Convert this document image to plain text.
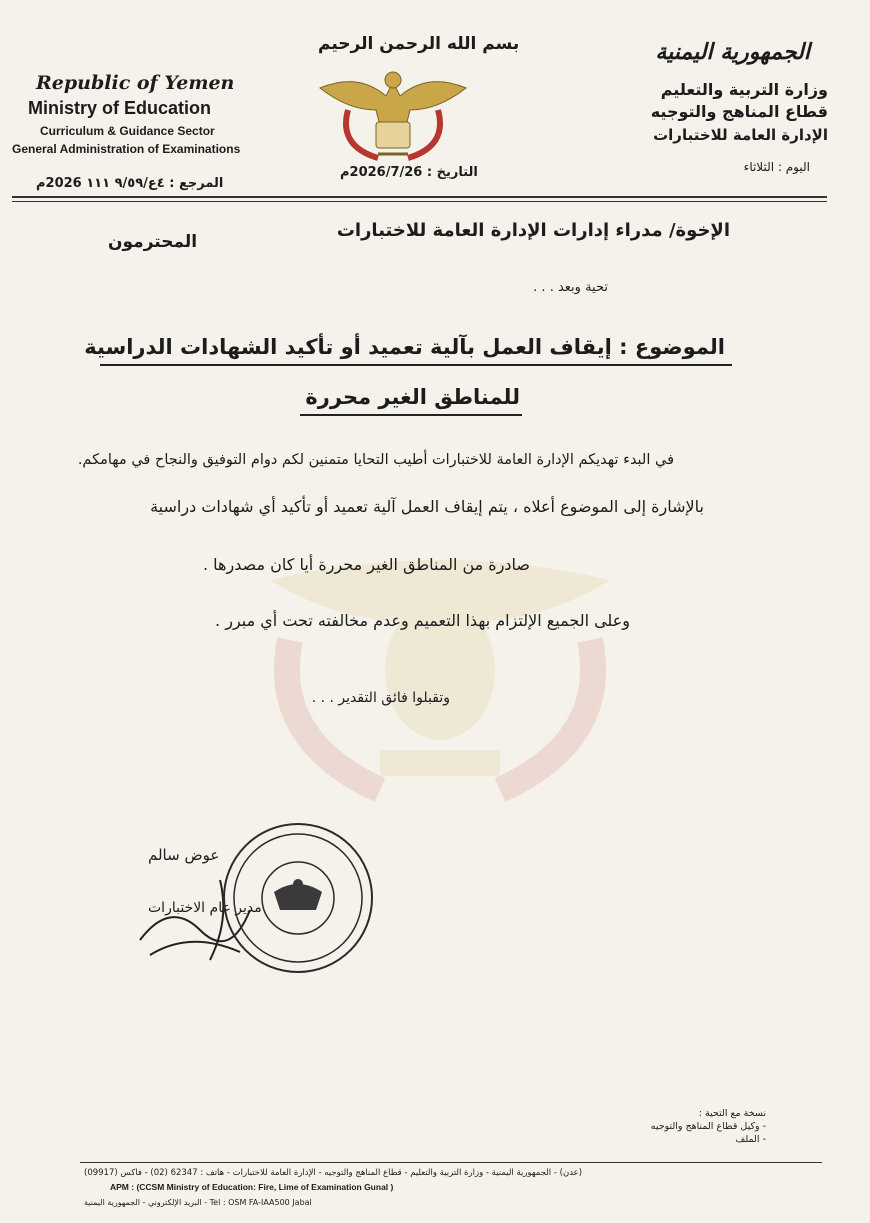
Republic of Yemen
Ministry of Education
Curriculum & Guidance Sector
General Administration of Examinations
المرجع : ٤ع/٩/٥٩ ١١١ 2026م
بسم الله الرحمن الرحيم
التاريخ : 2026/7/26م
الجمهورية اليمنية
وزارة التربية والتعليم
قطاع المناهج والتوجيه
الإدارة العامة للاختبارات
اليوم : الثلاثاء
الإخوة/ مدراء إدارات الإدارة العامة للاختبارات
المحترمون
تحية وبعد . . .
الموضوع : إيقاف العمل بآلية تعميد أو تأكيد الشهادات الدراسية
للمناطق الغير محررة
في البدء تهديكم الإدارة العامة للاختبارات أطيب التحايا متمنين لكم دوام التوفيق والنجاح في مهامكم.
بالإشارة إلى الموضوع أعلاه ، يتم إيقاف العمل آلية تعميد أو تأكيد أي شهادات دراسية
صادرة من المناطق الغير محررة أيا كان مصدرها .
وعلى الجميع الإلتزام بهذا التعميم وعدم مخالفته تحت أي مبرر .
وتقبلوا فائق التقدير . . .
عوض سالم
مدير عام الاختبارات
نسخة مع التحية :
- وكيل قطاع المناهج والتوجيه
- الملف
(عدن) - الجمهورية اليمنية - وزارة التربية والتعليم - قطاع المناهج والتوجيه - الإدارة العامة للاختبارات - هاتف : 62347 (02) - فاكس (09917)
APM : (CCSM Ministry of Education: Fire, Lime of Examination Gunal )
Tel : OSM FA-IAA500 Jabal - البريد الإلكتروني - الجمهورية اليمنية
